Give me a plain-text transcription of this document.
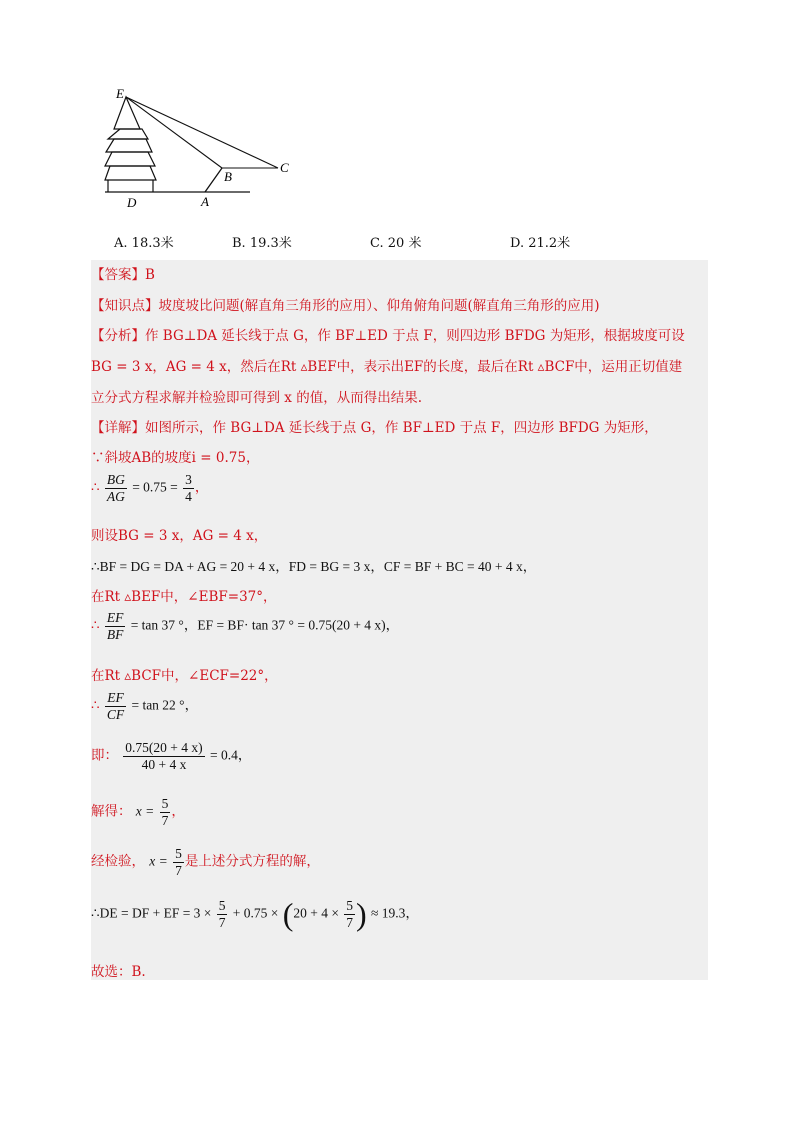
E
C
B
D	A
A. 18.3米	B. 19.3米	C. 20 米	D. 21.2米
【答案】B
【知识点】坡度坡比问题(解直角三角形的应用）、仰角俯角问题(解直角三角形的应用)
【分析】作 BG⊥DA 延长线于点 G，作 BF⊥ED 于点 F，则四边形 BFDG 为矩形，根据坡度可设
BG = 3 x，AG = 4 x，然后在Rt ▵BEF中，表示出EF的长度，最后在Rt ▵BCF中，运用正切值建
立分式方程求解并检验即可得到 x 的值，从而得出结果.
【详解】如图所示，作 BG⊥DA 延长线于点 G，作 BF⊥ED 于点 F，四边形 BFDG 为矩形，
∵斜坡AB的坡度i = 0.75，
∴ $\frac{BG}{AG} = 0.75 = \frac{3}{4}$ ，
则设BG = 3 x，AG = 4 x，
∴BF = DG = DA + AG = 20 + 4 x，FD = BG = 3 x，CF = BF + BC = 40 + 4 x，
在Rt ▵BEF中，∠EBF=37°，
∴ $\frac{EF}{BF} = \tan 37$ °，EF = BF· tan 37 ° = 0.75(20 + 4 x)，
在Rt ▵BCF中，∠ECF=22°，
∴ $\frac{EF}{CF} = \tan 22$ °，
即： $\frac{0.75(20 + 4 x)}{40 + 4 x} = 0.4$，
解得： $x = \frac{5}{7}$ ，
经检验， $x = \frac{5}{7}$ 是上述分式方程的解，
∴DE = DF + EF = $3 \times \frac{5}{7} + 0.75 \times (20 + 4 \times \frac{5}{7}$ ) ≈ 19.3，
故选：B.
